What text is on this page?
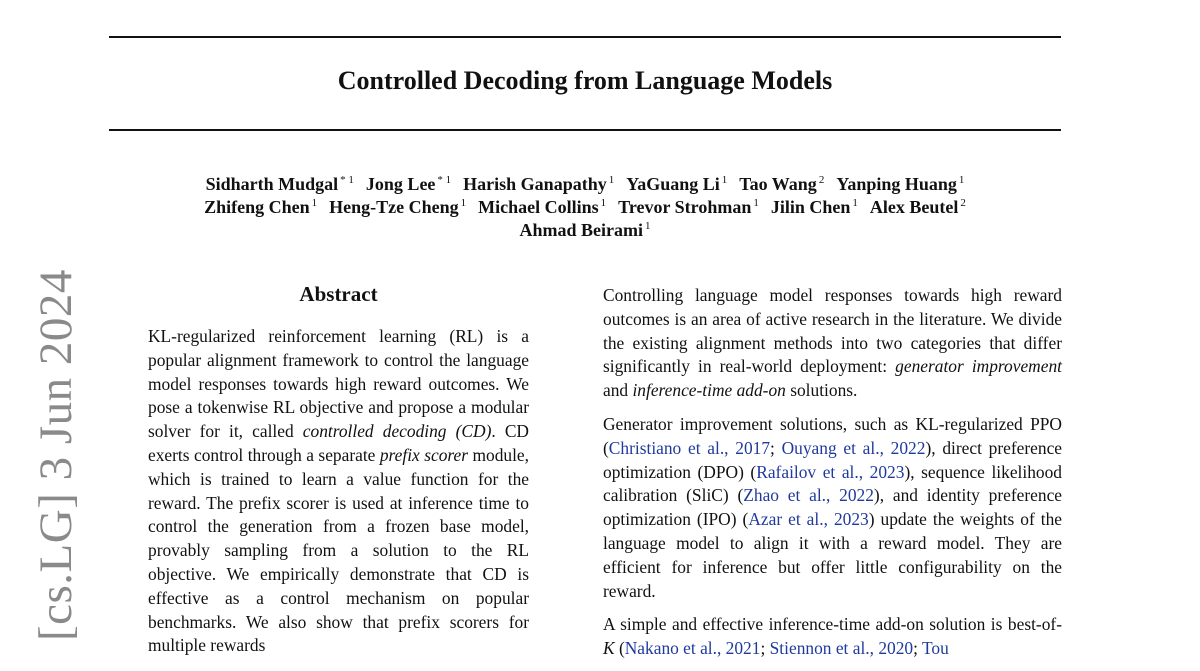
Controlled Decoding from Language Models
Sidharth Mudgal $^{* 1}$ Jong Lee $^{* 1}$ Harish Ganapathy $^1$ YaGuang Li $^1$ Tao Wang $^2$ Yanping Huang $^1$
Zhifeng Chen $^1$ Heng-Tze Cheng $^1$ Michael Collins $^1$ Trevor Strohman $^1$ Jilin Chen $^1$ Alex Beutel $^2$
Ahmad Beirami $^1$
[cs.LG] 3 Jun 2024	Abstract

KL-regularized reinforcement learning (RL) is a popular alignment framework to control the language model responses towards high reward outcomes. We pose a tokenwise RL objective and propose a modular solver for it, called controlled decoding (CD). CD exerts control through a separate prefix scorer module, which is trained to learn a value function for the reward. The prefix scorer is used at inference time to control the generation from a frozen base model, provably sampling from a solution to the RL objective. We empirically demonstrate that CD is effective as a control mechanism on popular benchmarks. We also show that prefix scorers for multiple rewards

Controlling language model responses towards high reward outcomes is an area of active research in the literature. We divide the existing alignment methods into two categories that differ significantly in real-world deployment: generator improvement and inference-time add-on solutions.

Generator improvement solutions, such as KL-regularized PPO (Christiano et al., 2017; Ouyang et al., 2022), direct preference optimization (DPO) (Rafailov et al., 2023), sequence likelihood calibration (SliC) (Zhao et al., 2022), and identity preference optimization (IPO) (Azar et al., 2023) update the weights of the language model to align it with a reward model. They are efficient for inference but offer little configurability on the reward.

A simple and effective inference-time add-on solution is best-of-K (Nakano et al., 2021; Stiennon et al., 2020; Tou
